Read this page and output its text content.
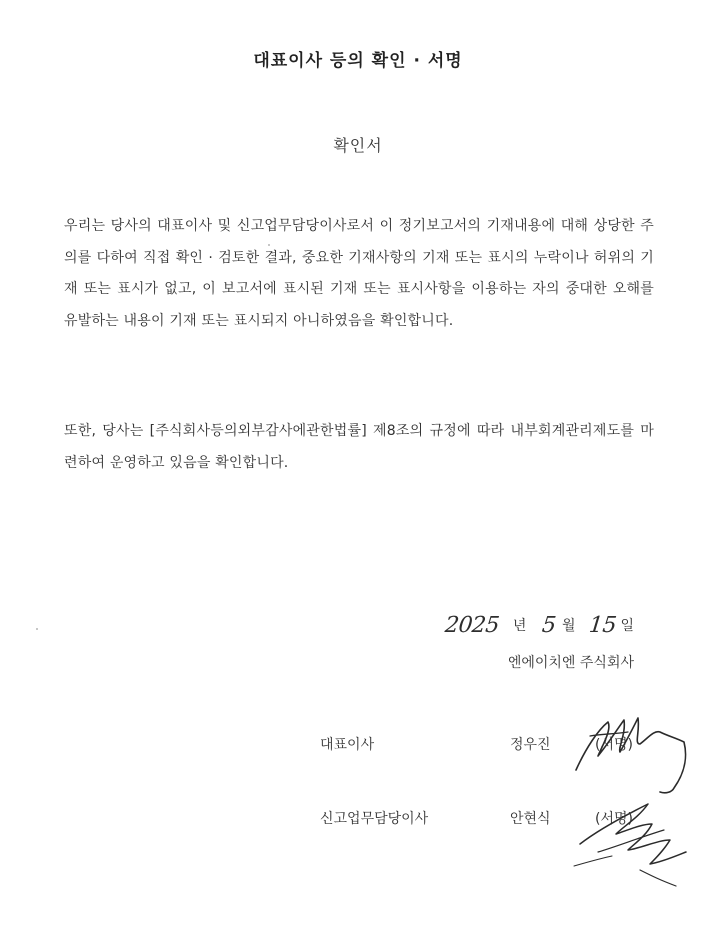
대표이사 등의 확인 · 서명
확인서
우리는 당사의 대표이사 및 신고업무담당이사로서 이 정기보고서의 기재내용에 대해 상당한 주의를 다하여 직접 확인 · 검토한 결과, 중요한 기재사항의 기재 또는 표시의 누락이나 허위의 기재 또는 표시가 없고, 이 보고서에 표시된 기재 또는 표시사항을 이용하는 자의 중대한 오해를 유발하는 내용이 기재 또는 표시되지 아니하였음을 확인합니다.
또한, 당사는 [주식회사등의외부감사에관한법률] 제8조의 규정에 따라 내부회계관리제도를 마련하여 운영하고 있음을 확인합니다.
2025 년 5 월 15 일
엔에이치엔 주식회사
대표이사	정우진	(서명)
신고업무담당이사	안현식	(서명)
